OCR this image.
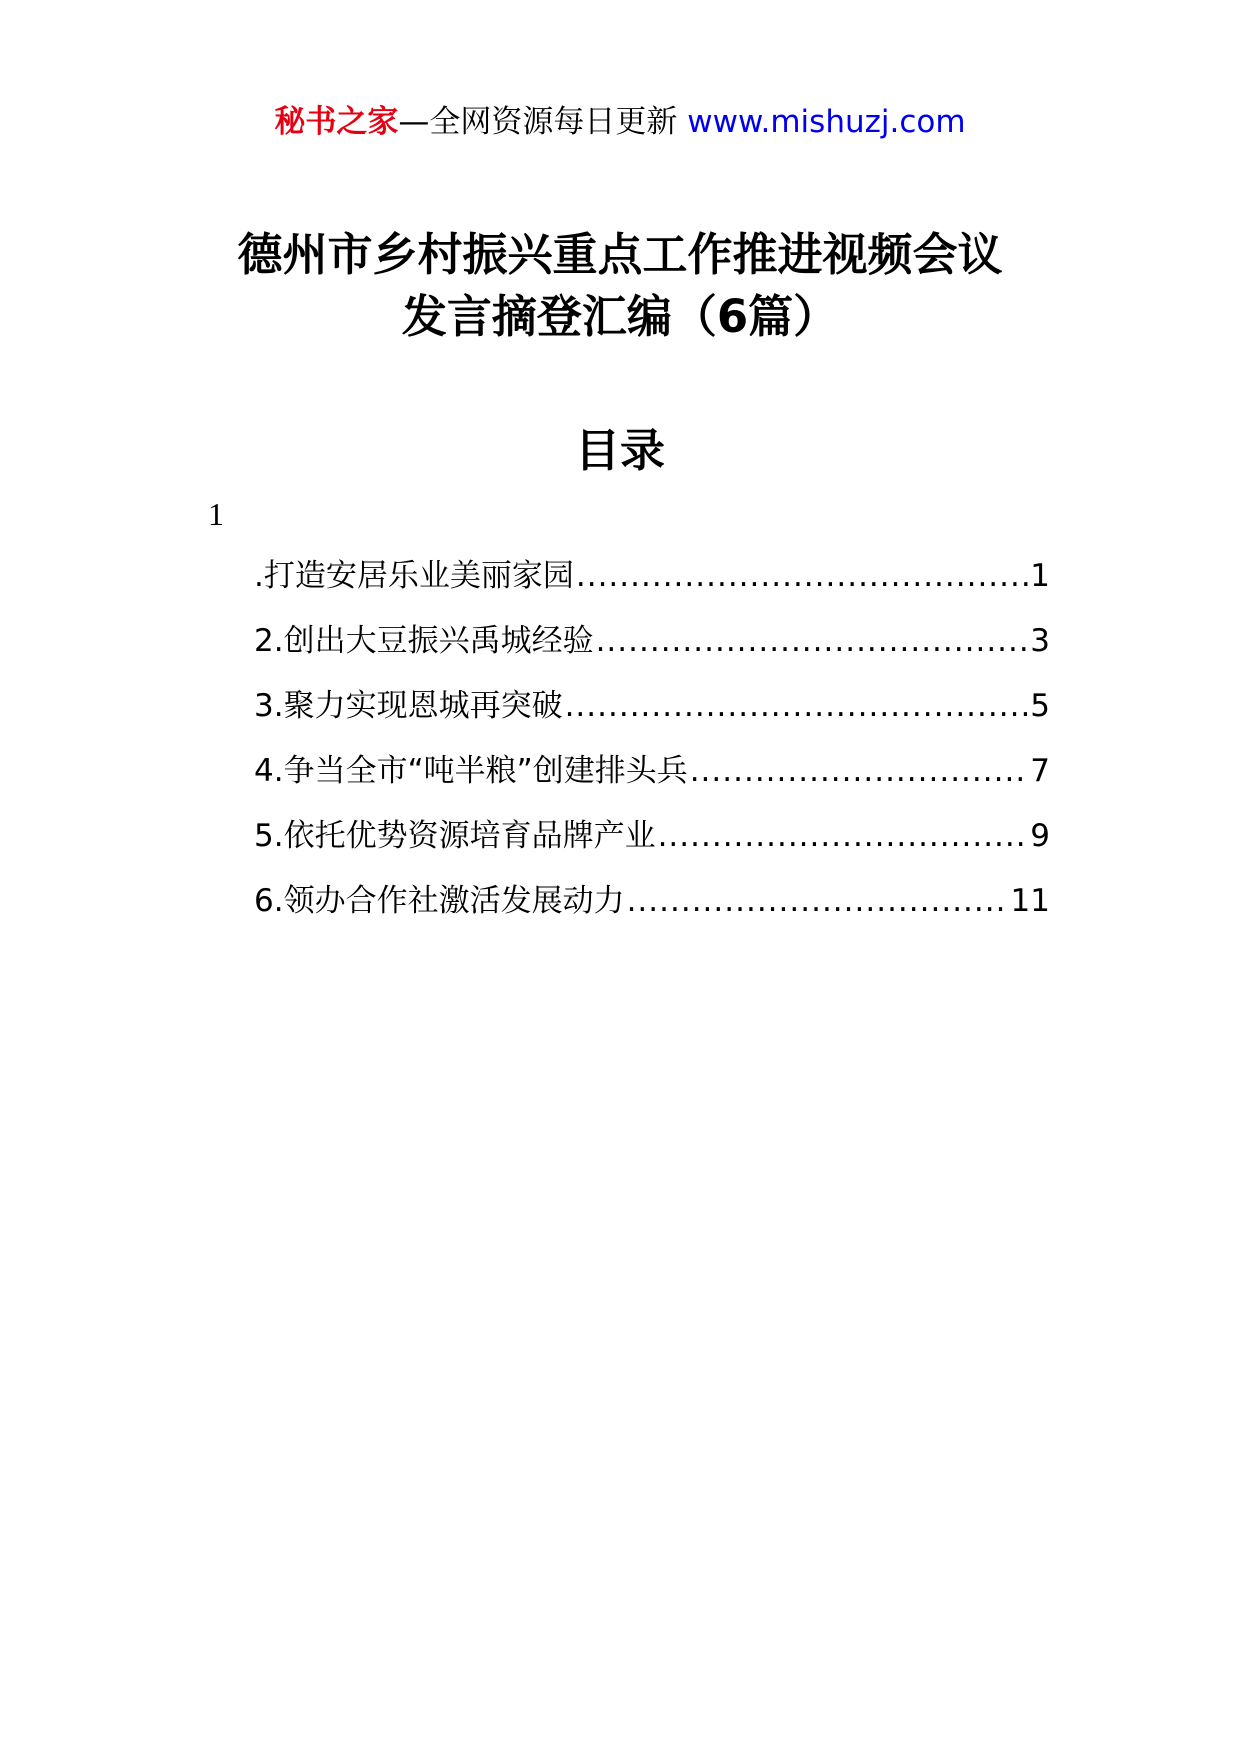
秘书之家—全网资源每日更新 www.mishuzj.com
德州市乡村振兴重点工作推进视频会议
发言摘登汇编（6篇）
目录
1
.打造安居乐业美丽家园 .....	1
2.创出大豆振兴禹城经验 .....	3
3.聚力实现恩城再突破 .....	5
4.争当全市“吨半粮”创建排头兵 .....	7
5.依托优势资源培育品牌产业 .....	9
6.领办合作社激活发展动力 .....	11
